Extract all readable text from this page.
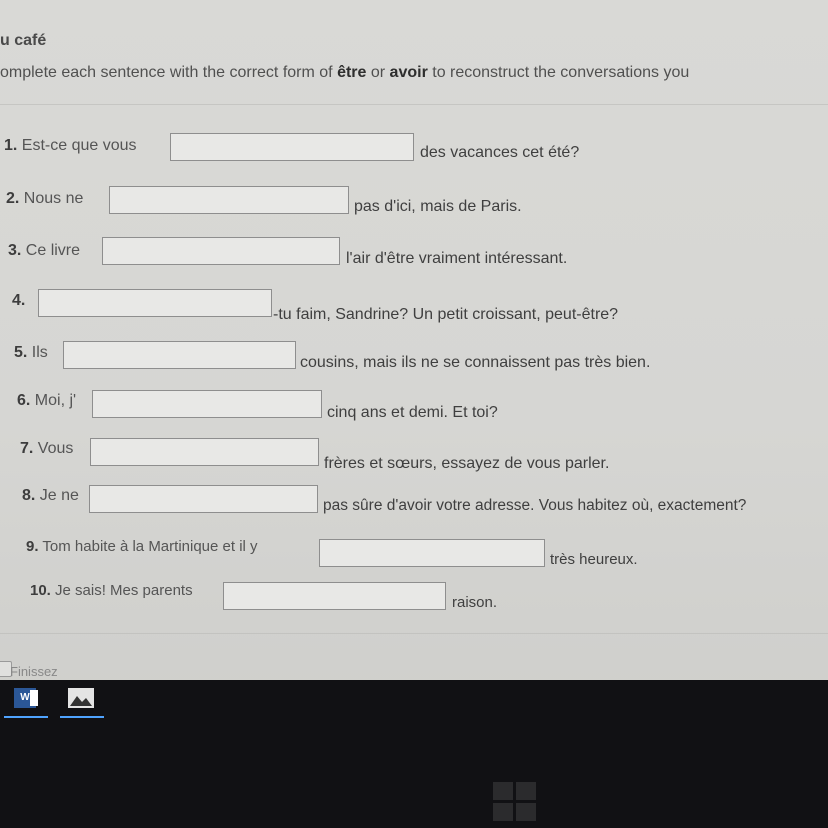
u café
omplete each sentence with the correct form of être or avoir to reconstruct the conversations you
1. Est-ce que vous	des vacances cet été?
2. Nous ne	pas d'ici, mais de Paris.
3. Ce livre	l'air d'être vraiment intéressant.
4.
-tu faim, Sandrine? Un petit croissant, peut-être?
5. Ils
cousins, mais ils ne se connaissent pas très bien.
6. Moi, j'
cinq ans et demi. Et toi?
7. Vous
frères et sœurs, essayez de vous parler.
8. Je ne
pas sûre d'avoir votre adresse. Vous habitez où, exactement?
9. Tom habite à la Martinique et il y
très heureux.
10. Je sais! Mes parents
raison.
Finissez
W
